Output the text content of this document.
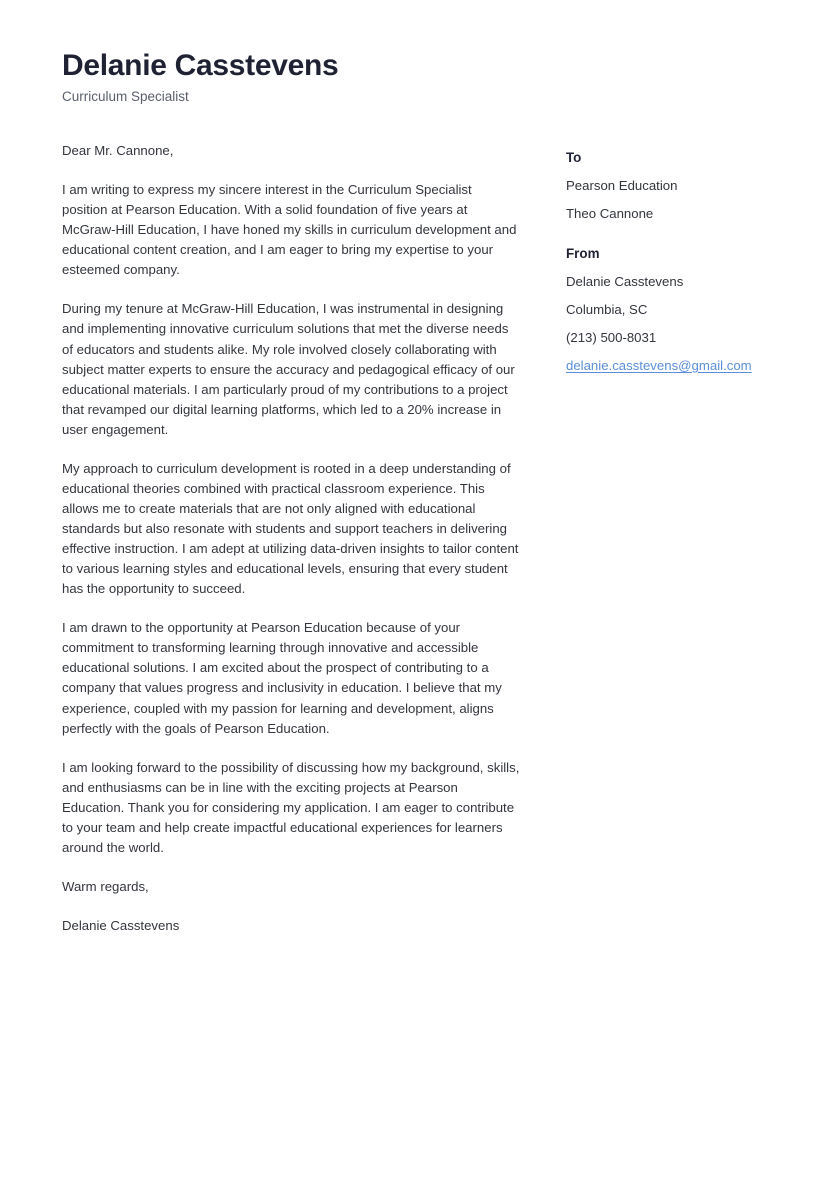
Delanie Casstevens
Curriculum Specialist

Dear Mr. Cannone,

I am writing to express my sincere interest in the Curriculum Specialist position at Pearson Education. With a solid foundation of five years at McGraw-Hill Education, I have honed my skills in curriculum development and educational content creation, and I am eager to bring my expertise to your esteemed company.

During my tenure at McGraw-Hill Education, I was instrumental in designing and implementing innovative curriculum solutions that met the diverse needs of educators and students alike. My role involved closely collaborating with subject matter experts to ensure the accuracy and pedagogical efficacy of our educational materials. I am particularly proud of my contributions to a project that revamped our digital learning platforms, which led to a 20% increase in user engagement.

My approach to curriculum development is rooted in a deep understanding of educational theories combined with practical classroom experience. This allows me to create materials that are not only aligned with educational standards but also resonate with students and support teachers in delivering effective instruction. I am adept at utilizing data-driven insights to tailor content to various learning styles and educational levels, ensuring that every student has the opportunity to succeed.

I am drawn to the opportunity at Pearson Education because of your commitment to transforming learning through innovative and accessible educational solutions. I am excited about the prospect of contributing to a company that values progress and inclusivity in education. I believe that my experience, coupled with my passion for learning and development, aligns perfectly with the goals of Pearson Education.

I am looking forward to the possibility of discussing how my background, skills, and enthusiasms can be in line with the exciting projects at Pearson Education. Thank you for considering my application. I am eager to contribute to your team and help create impactful educational experiences for learners around the world.

Warm regards,

Delanie Casstevens

To
Pearson Education
Theo Cannone
From
Delanie Casstevens
Columbia, SC
(213) 500-8031
delanie.casstevens@gmail.com
